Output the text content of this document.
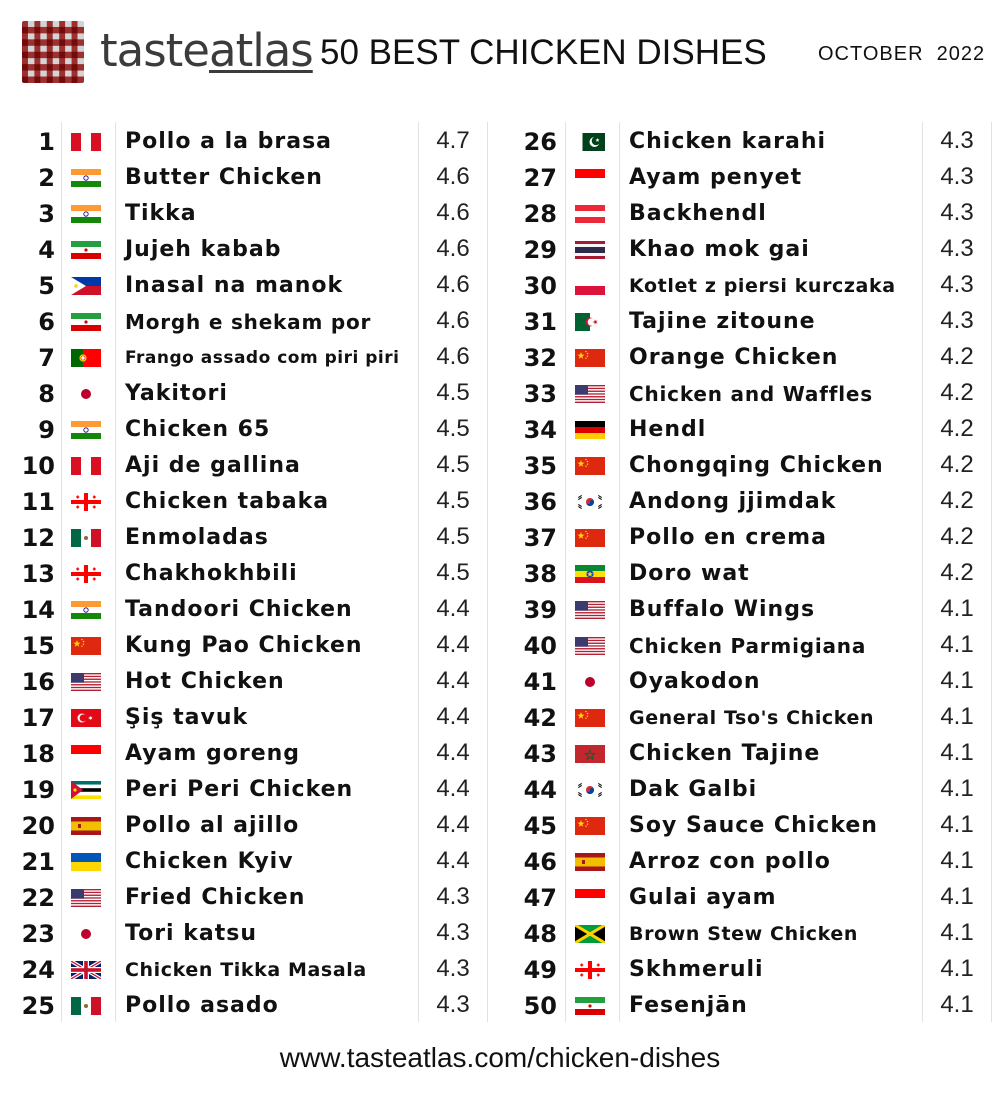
tasteatlas 50 BEST CHICKEN DISHES	OCTOBER 2022
1	Pollo a la brasa	4.7
2	Butter Chicken	4.6
3	Tikka	4.6
4	Jujeh kabab	4.6
5	Inasal na manok	4.6
6	Morgh e shekam por	4.6
7	Frango assado com piri piri	4.6
8	Yakitori	4.5
9	Chicken 65	4.5
10	Aji de gallina	4.5
11	Chicken tabaka	4.5
12	Enmoladas	4.5
13	Chakhokhbili	4.5
14	Tandoori Chicken	4.4
15	Kung Pao Chicken	4.4
16	Hot Chicken	4.4
17	Şiş tavuk	4.4
18	Ayam goreng	4.4
19	Peri Peri Chicken	4.4
20	Pollo al ajillo	4.4
21	Chicken Kyiv	4.4
22	Fried Chicken	4.3
23	Tori katsu	4.3
24	Chicken Tikka Masala	4.3
25	Pollo asado	4.3
26	Chicken karahi	4.3
27	Ayam penyet	4.3
28	Backhendl	4.3
29	Khao mok gai	4.3
30	Kotlet z piersi kurczaka	4.3
31	Tajine zitoune	4.3
32	Orange Chicken	4.2
33	Chicken and Waffles	4.2
34	Hendl	4.2
35	Chongqing Chicken	4.2
36	Andong jjimdak	4.2
37	Pollo en crema	4.2
38	Doro wat	4.2
39	Buffalo Wings	4.1
40	Chicken Parmigiana	4.1
41	Oyakodon	4.1
42	General Tso's Chicken	4.1
43	Chicken Tajine	4.1
44	Dak Galbi	4.1
45	Soy Sauce Chicken	4.1
46	Arroz con pollo	4.1
47	Gulai ayam	4.1
48	Brown Stew Chicken	4.1
49	Skhmeruli	4.1
50	Fesenjān	4.1
www.tasteatlas.com/chicken-dishes
